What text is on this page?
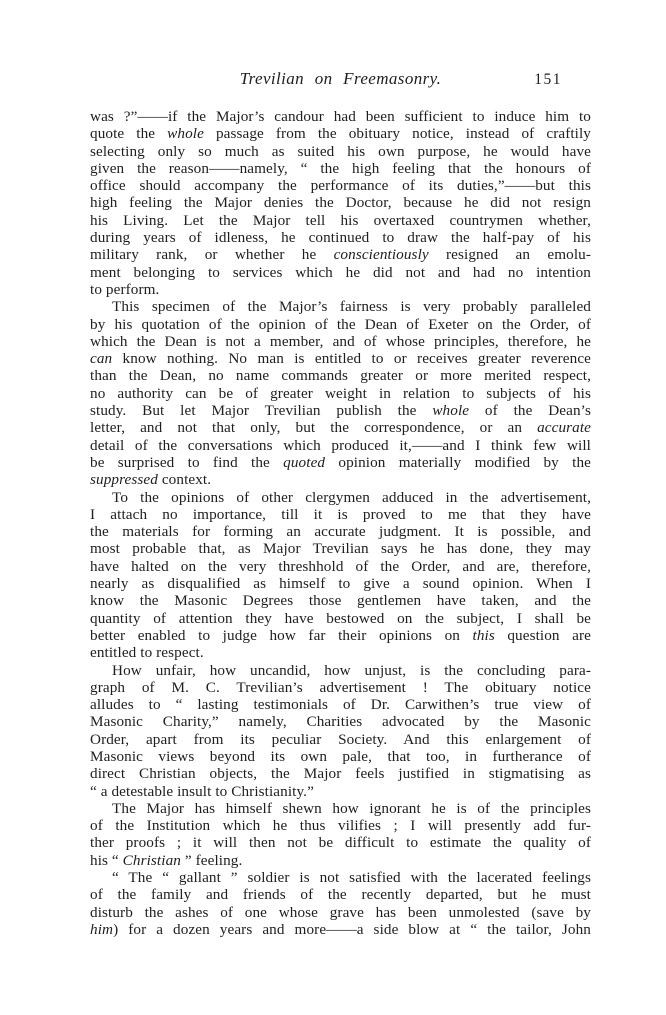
Trevilian on Freemasonry.	151
was ?”——if the Major’s candour had been sufficient to induce him to
quote the whole passage from the obituary notice, instead of craftily
selecting only so much as suited his own purpose, he would have
given the reason——namely, “ the high feeling that the honours of
office should accompany the performance of its duties,”——but this
high feeling the Major denies the Doctor, because he did not resign
his Living. Let the Major tell his overtaxed countrymen whether,
during years of idleness, he continued to draw the half-pay of his
military rank, or whether he conscientiously resigned an emolu-
ment belonging to services which he did not and had no intention
to perform.
This specimen of the Major’s fairness is very probably paralleled
by his quotation of the opinion of the Dean of Exeter on the Order, of
which the Dean is not a member, and of whose principles, therefore, he
can know nothing. No man is entitled to or receives greater reverence
than the Dean, no name commands greater or more merited respect,
no authority can be of greater weight in relation to subjects of his
study. But let Major Trevilian publish the whole of the Dean’s
letter, and not that only, but the correspondence, or an accurate
detail of the conversations which produced it,——and I think few will
be surprised to find the quoted opinion materially modified by the
suppressed context.
To the opinions of other clergymen adduced in the advertisement,
I attach no importance, till it is proved to me that they have
the materials for forming an accurate judgment. It is possible, and
most probable that, as Major Trevilian says he has done, they may
have halted on the very threshhold of the Order, and are, therefore,
nearly as disqualified as himself to give a sound opinion. When I
know the Masonic Degrees those gentlemen have taken, and the
quantity of attention they have bestowed on the subject, I shall be
better enabled to judge how far their opinions on this question are
entitled to respect.
How unfair, how uncandid, how unjust, is the concluding para-
graph of M. C. Trevilian’s advertisement ! The obituary notice
alludes to “ lasting testimonials of Dr. Carwithen’s true view of
Masonic Charity,” namely, Charities advocated by the Masonic
Order, apart from its peculiar Society. And this enlargement of
Masonic views beyond its own pale, that too, in furtherance of
direct Christian objects, the Major feels justified in stigmatising as
“ a detestable insult to Christianity.”
The Major has himself shewn how ignorant he is of the principles
of the Institution which he thus vilifies ; I will presently add fur-
ther proofs ; it will then not be difficult to estimate the quality of
his “ Christian ” feeling.
“ The “ gallant ” soldier is not satisfied with the lacerated feelings
of the family and friends of the recently departed, but he must
disturb the ashes of one whose grave has been unmolested (save by
him) for a dozen years and more——a side blow at “ the tailor, John
